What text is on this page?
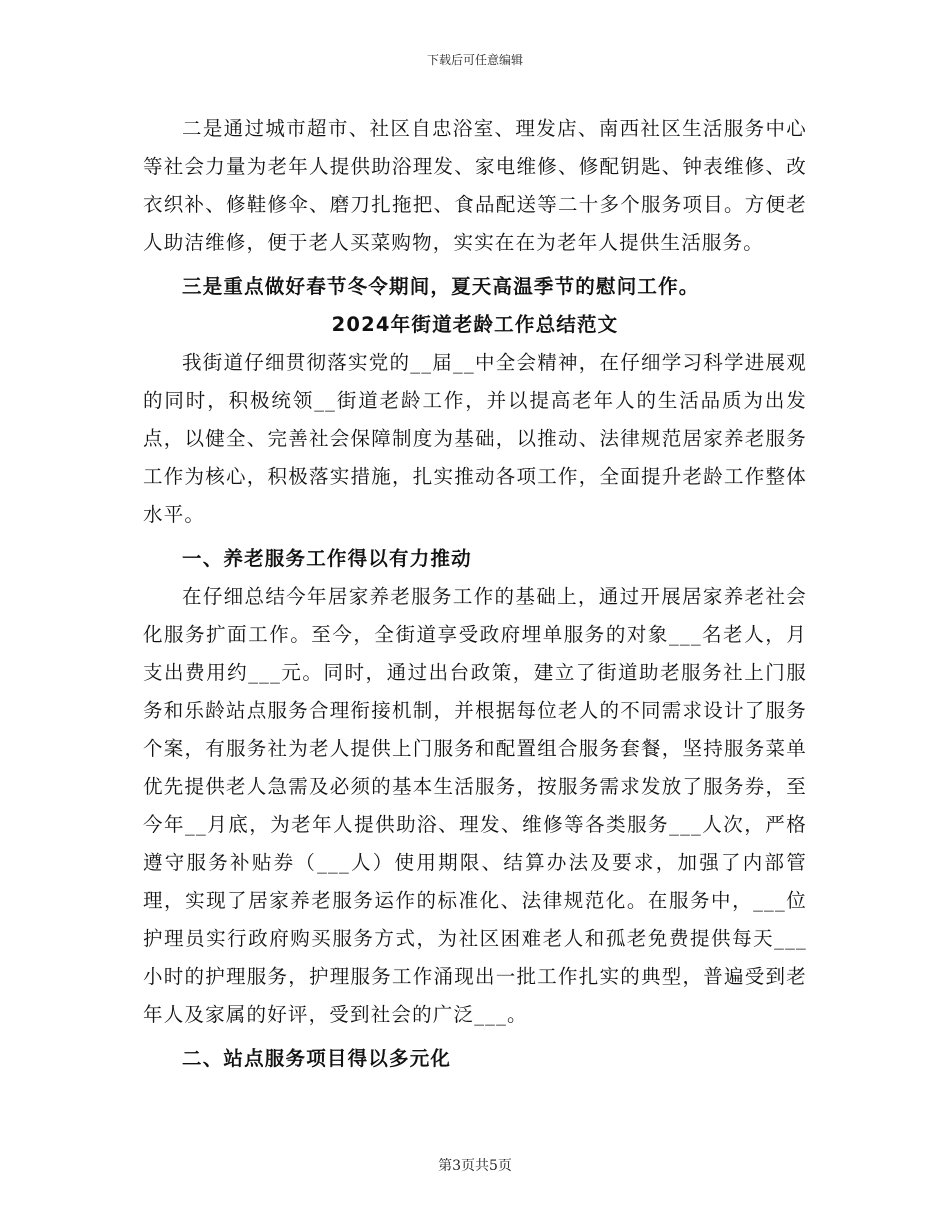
下载后可任意编辑

二是通过城市超市、社区自忠浴室、理发店、南西社区生活服务中心等社会力量为老年人提供助浴理发、家电维修、修配钥匙、钟表维修、改衣织补、修鞋修伞、磨刀扎拖把、食品配送等二十多个服务项目。方便老人助洁维修，便于老人买菜购物，实实在在为老年人提供生活服务。

三是重点做好春节冬令期间，夏天高温季节的慰问工作。

2024年街道老龄工作总结范文

我街道仔细贯彻落实党的__届__中全会精神，在仔细学习科学进展观的同时，积极统领__街道老龄工作，并以提高老年人的生活品质为出发点，以健全、完善社会保障制度为基础，以推动、法律规范居家养老服务工作为核心，积极落实措施，扎实推动各项工作，全面提升老龄工作整体水平。

一、养老服务工作得以有力推动

在仔细总结今年居家养老服务工作的基础上，通过开展居家养老社会化服务扩面工作。至今，全街道享受政府埋单服务的对象___名老人，月支出费用约___元。同时，通过出台政策，建立了街道助老服务社上门服务和乐龄站点服务合理衔接机制，并根据每位老人的不同需求设计了服务个案，有服务社为老人提供上门服务和配置组合服务套餐，坚持服务菜单优先提供老人急需及必须的基本生活服务，按服务需求发放了服务券，至今年__月底，为老年人提供助浴、理发、维修等各类服务___人次，严格遵守服务补贴券（___人）使用期限、结算办法及要求，加强了内部管理，实现了居家养老服务运作的标准化、法律规范化。在服务中，___位护理员实行政府购买服务方式，为社区困难老人和孤老免费提供每天___小时的护理服务，护理服务工作涌现出一批工作扎实的典型，普遍受到老年人及家属的好评，受到社会的广泛___。

二、站点服务项目得以多元化

第3页共5页
